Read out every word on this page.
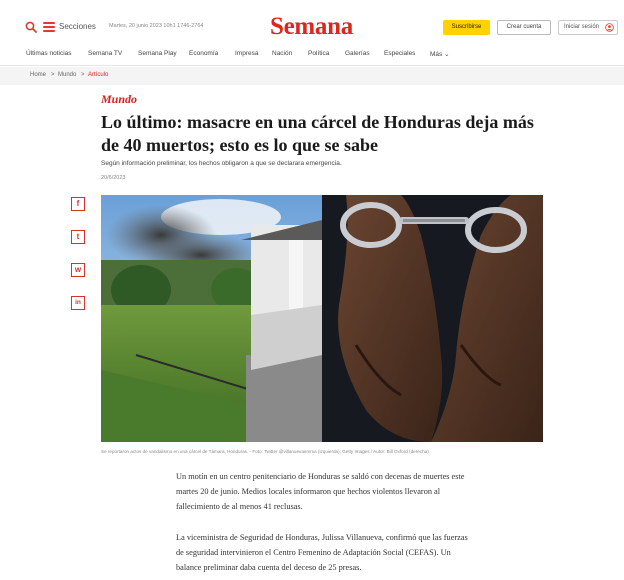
Secciones Martes, 20 junio 2023 10h1 1746-2764	Semana	Suscribirse	Crear cuenta	Iniciar sesión
Últimas noticias	Semana TV Semana Play Economía	Impresa Nación Política Galerías Especiales Más ⌄
Home > Mundo > Artículo
Mundo
Lo último: masacre en una cárcel de Honduras deja más de 40 muertos; esto es lo que se sabe
Según información preliminar, los hechos obligaron a que se declarara emergencia.
20/6/2023
f
t
w
in
Se reportaron actos de vandalismo en una cárcel de Támara, Honduras. - Foto: Twitter @villanuevaemma (izquierda); Getty Images / Autor: Bill Oxford (derecha)

Un motín en un centro penitenciario de Honduras se saldó con decenas de muertes este martes 20 de junio. Medios locales informaron que hechos violentos llevaron al fallecimiento de al menos 41 reclusas.

La viceministra de Seguridad de Honduras, Julissa Villanueva, confirmó que las fuerzas de seguridad intervinieron el Centro Femenino de Adaptación Social (CEFAS). Un balance preliminar daba cuenta del deceso de 25 presas.
